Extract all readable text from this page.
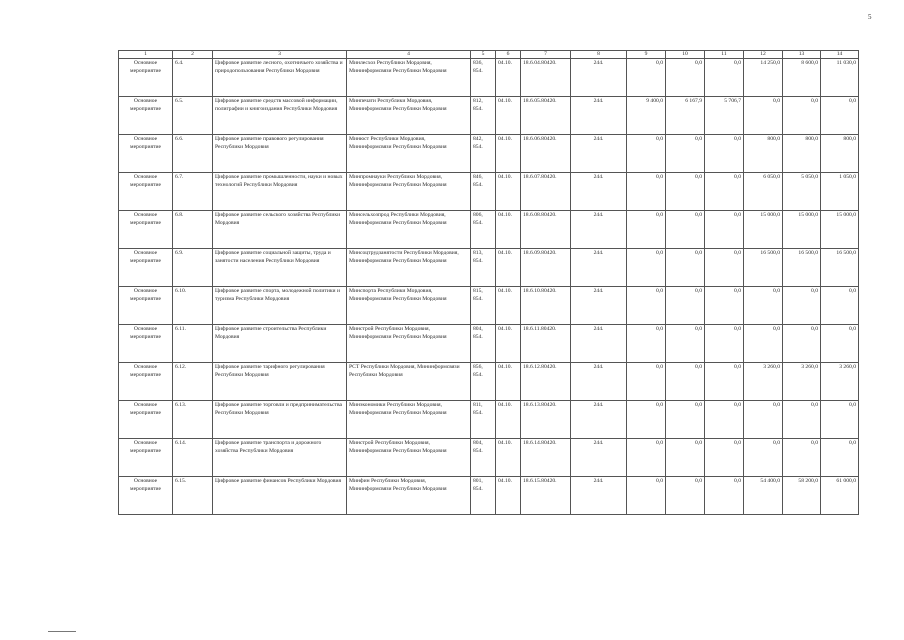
5
1	2	3	4	5	6	7	8	9	10	11	12	13	14
Основное мероприятие	6.4.	Цифровое развитие лесного, охотничьего хозяйства и природопользования Республики Мордовия	Минлесхоз Республики Мордовия, Mининформсвязи Республики Мордовия	836, 854.	04.10.	18.6.04.80420.	244.	0,0	0,0	0,0	14 250,0	8 600,0	11 030,0
Основное мероприятие	6.5.	Цифровое развитие средств массовой информации, полиграфии и книгоиздания Республики Мордовия	Минпечати Республики Мордовия, Mининформсвязи Республики Мордовия	812, 854.	04.10.	18.6.05.80420.	244.	9 400,0	6 167,9	5 706,7	0,0	0,0	0,0
Основное мероприятие	6.6.	Цифровое развитие правового регулирования Республики Мордовия	Минюст Республики Мордовия, Mининформсвязи Республики Мордовия	842, 854.	04.10.	18.6.06.80420.	244.	0,0	0,0	0,0	800,0	800,0	800,0
Основное мероприятие	6.7.	Цифровое развитие промышленности, науки и новых технологий Республики Мордовия	Минпромнауки Республики Мордовия, Mининформсвязи Республики Мордовия	846, 854.	04.10.	18.6.07.80420.	244.	0,0	0,0	0,0	6 050,0	5 050,0	1 050,0
Основное мероприятие	6.8.	Цифровое развитие сельского хозяйства Республики Мордовия	Минсельхозпрод Республики Мордовия, Mининформсвязи Республики Мордовия	806, 854.	04.10.	18.6.08.80420.	244.	0,0	0,0	0,0	15 000,0	15 000,0	15 000,0
Основное мероприятие	6.9.	Цифровое развитие социальной защиты, труда и занятости населения Республики Мордовия	Минсоцтрудзанятости Республики Мордовия, Mининформсвязи Республики Мордовия	813, 854.	04.10.	18.6.09.80420.	244.	0,0	0,0	0,0	16 500,0	16 500,0	16 500,0
Основное мероприятие	6.10.	Цифровое развитие спорта, молодежной политики и туризма Республики Мордовия	Минспорта Республики Мордовия, Mининформсвязи Республики Мордовия	815, 854.	04.10.	18.6.10.80420.	244.	0,0	0,0	0,0	0,0	0,0	0,0
Основное мероприятие	6.11.	Цифровое развитие строительства Республики Мордовия	Минстрой Республики Мордовия, Mининформсвязи Республики Мордовия	804, 854.	04.10.	18.6.11.80420.	244.	0,0	0,0	0,0	0,0	0,0	0,0
Основное мероприятие	6.12.	Цифровое развитие тарифного регулирования Республики Мордовия	РСТ Республики Мордовия, Mининформсвязи Республики Мордовия	856, 854.	04.10.	18.6.12.80420.	244.	0,0	0,0	0,0	3 260,0	3 260,0	3 260,0
Основное мероприятие	6.13.	Цифровое развитие торговли и предпринимательства Республики Мордовия	Минэкономики Республики Мордовия, Mининформсвязи Республики Мордовия	811, 854.	04.10.	18.6.13.80420.	244.	0,0	0,0	0,0	0,0	0,0	0,0
Основное мероприятие	6.14.	Цифровое развитие транспорта и дорожного хозяйства Республики Мордовия	Минстрой Республики Мордовия, Mининформсвязи Республики Мордовия	804, 854.	04.10.	18.6.14.80420.	244.	0,0	0,0	0,0	0,0	0,0	0,0
Основное мероприятие	6.15.	Цифровое развитие финансов Республики Мордовия	Минфин Республики Мордовия, Mининформсвязи Республики Мордовия	801, 854.	04.10.	18.6.15.80420.	244.	0,0	0,0	0,0	54 400,0	58 200,0	61 000,0
